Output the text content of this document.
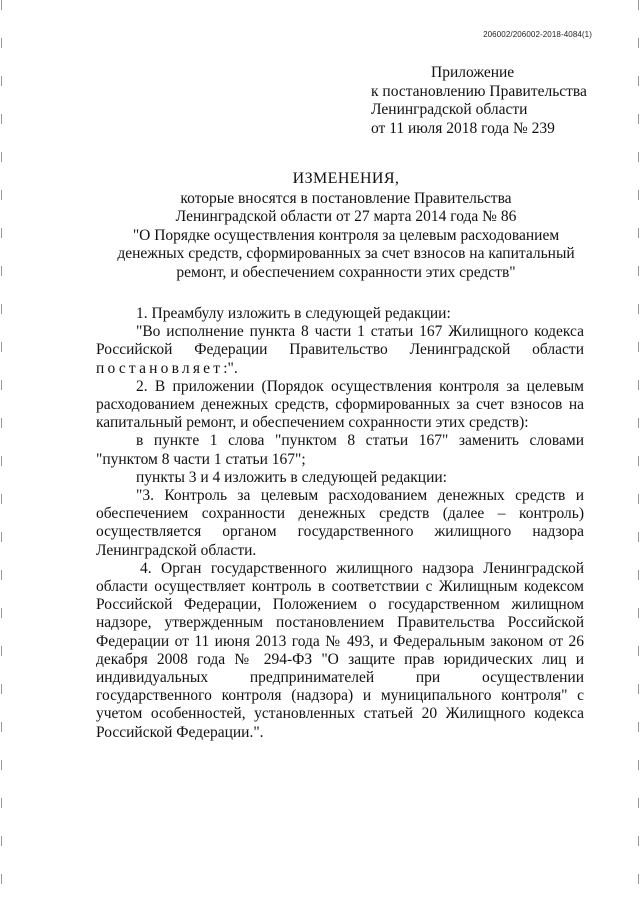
206002/206002-2018-4084(1)
Приложение
к постановлению Правительства
Ленинградской области
от 11 июля 2018 года № 239
ИЗМЕНЕНИЯ,
которые вносятся в постановление Правительства
Ленинградской области от 27 марта 2014 года № 86
"О Порядке осуществления контроля за целевым расходованием
денежных средств, сформированных за счет взносов на капитальный
ремонт, и обеспечением сохранности этих средств"

1. Преамбулу изложить в следующей редакции:

"Во исполнение пункта 8 части 1 статьи 167 Жилищного кодекса Российской Федерации Правительство Ленинградской области постановляет:".

2. В приложении (Порядок осуществления контроля за целевым расходованием денежных средств, сформированных за счет взносов на капитальный ремонт, и обеспечением сохранности этих средств):

в пункте 1 слова "пунктом 8 статьи 167" заменить словами "пунктом 8 части 1 статьи 167";

пункты 3 и 4 изложить в следующей редакции:

"3. Контроль за целевым расходованием денежных средств и обеспечением сохранности денежных средств (далее – контроль) осуществляется органом государственного жилищного надзора Ленинградской области.

4. Орган государственного жилищного надзора Ленинградской области осуществляет контроль в соответствии с Жилищным кодексом Российской Федерации, Положением о государственном жилищном надзоре, утвержденным постановлением Правительства Российской Федерации от 11 июня 2013 года № 493, и Федеральным законом от 26 декабря 2008 года № 294-ФЗ "О защите прав юридических лиц и индивидуальных предпринимателей при осуществлении государственного контроля (надзора) и муниципального контроля" с учетом особенностей, установленных статьей 20 Жилищного кодекса Российской Федерации.".
